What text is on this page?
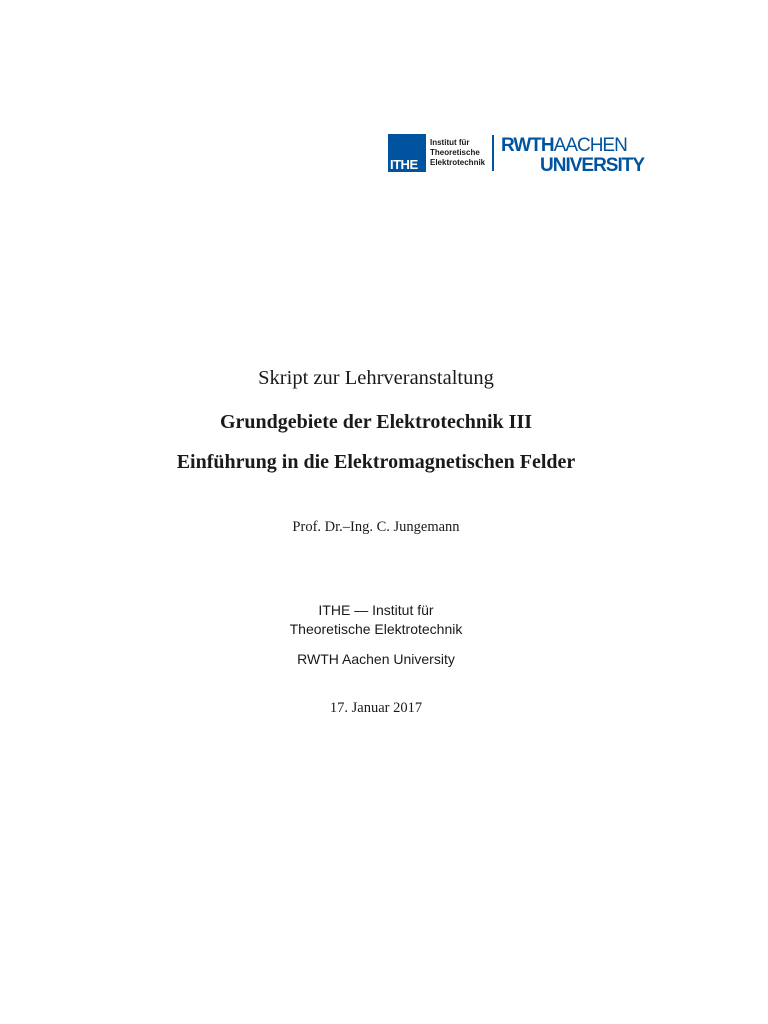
ITHE
Institut für
Theoretische
Elektrotechnik
RWTHAACHEN
UNIVERSITY
Skript zur Lehrveranstaltung
Grundgebiete der Elektrotechnik III
Einführung in die Elektromagnetischen Felder
Prof. Dr.–Ing. C. Jungemann
ITHE — Institut für
Theoretische Elektrotechnik
RWTH Aachen University
17. Januar 2017
